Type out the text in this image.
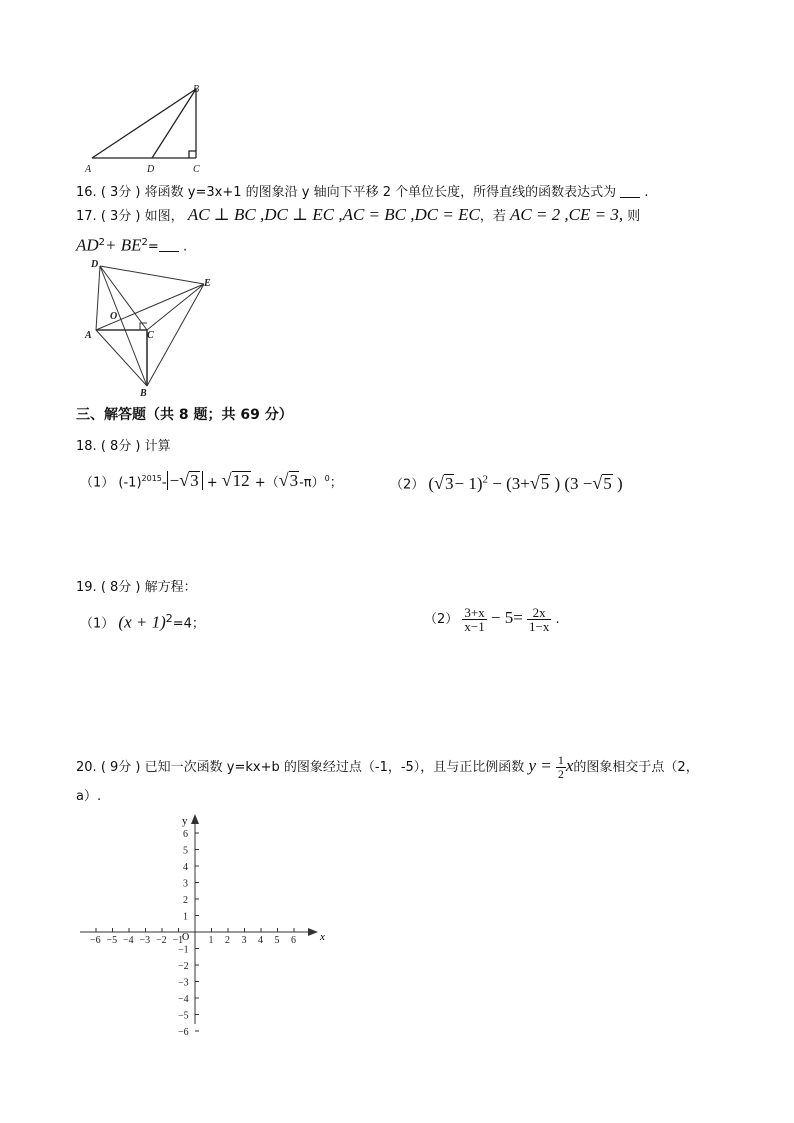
A	D	C
B
16. ( 3分 ) 将函数 y=3x+1 的图象沿 y 轴向下平移 2 个单位长度，所得直线的函数表达式为 .
17. ( 3分 ) 如图， AC ⊥ BC ,DC ⊥ EC ,AC = BC ,DC = EC，若 AC = 2 ,CE = 3, 则
$AD^2+ BE^2=$ .
D
E
O
A	C
B
三、解答题（共 8 题；共 69 分）
18. ( 8分 ) 计算
（1） $(-1)^{2015}- -√3 + √12 +(√3-\pi)^0$；	（2） $(√3- 1)^2 - (3+√5$ ) (3 −√5 )
19. ( 8分 ) 解方程：
（1） $(x + 1)^2=4$；	$(2) \frac{3+x}{x-1} - 5= \frac{2x}{1-x}$ .
20. ( 9分 ) 已知一次函数 y=kx+b 的图象经过点（-1，-5），且与正比例函数 $y = \frac{1}{2}$ x的图象相交于点（2，
a）.
1
−6
1
−1
2
−5
2
−2
3
−4
3
−3
4
−3
4
−4
5
−2
5
−5
6
−1
6
−6
y
x
O
